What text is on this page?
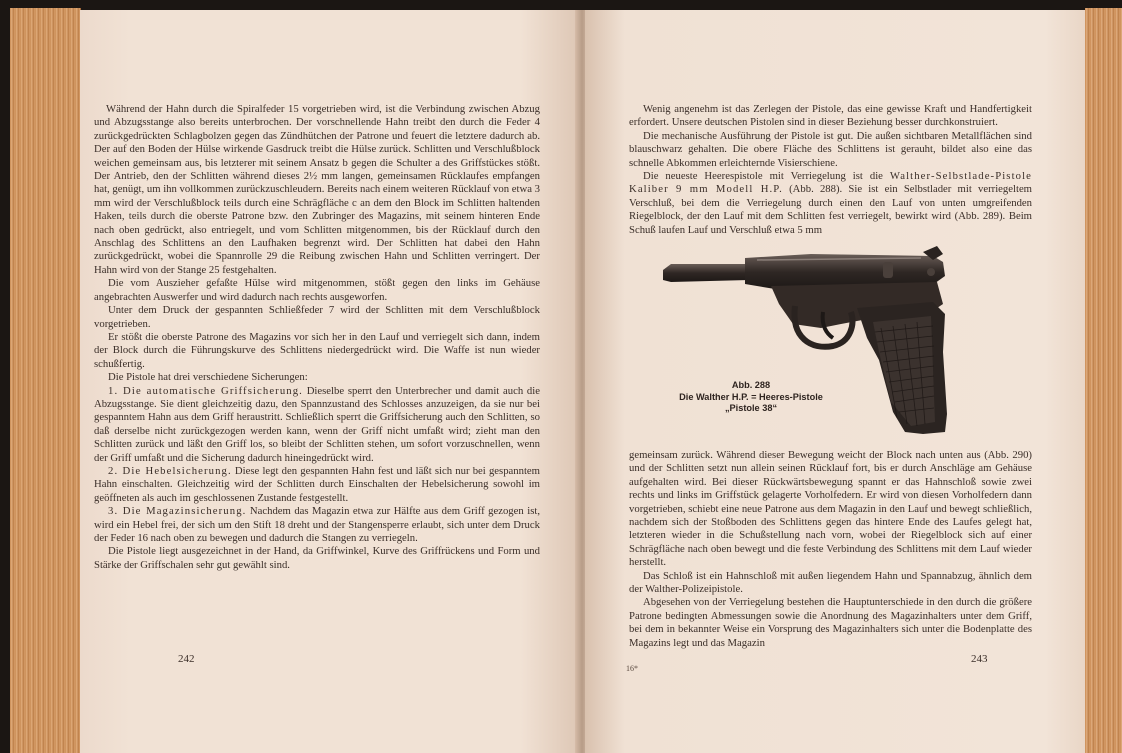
Während der Hahn durch die Spiralfeder 15 vorgetrieben wird, ist die Verbindung zwischen Abzug und Abzugsstange also bereits unterbrochen. Der vorschnellende Hahn treibt den durch die Feder 4 zurückgedrückten Schlagbolzen gegen das Zündhütchen der Patrone und feuert die letztere dadurch ab. Der auf den Boden der Hülse wirkende Gasdruck treibt die Hülse zurück. Schlitten und Verschlußblock weichen gemeinsam aus, bis letzterer mit seinem Ansatz b gegen die Schulter a des Griffstückes stößt. Der Antrieb, den der Schlitten während dieses 2½ mm langen, gemeinsamen Rücklaufes empfangen hat, genügt, um ihn vollkommen zurückzuschleudern. Bereits nach einem weiteren Rücklauf von etwa 3 mm wird der Verschlußblock teils durch eine Schrägfläche c an dem den Block im Schlitten haltenden Haken, teils durch die oberste Patrone bzw. den Zubringer des Magazins, mit seinem hinteren Ende nach oben gedrückt, also entriegelt, und vom Schlitten mitgenommen, bis der Rücklauf durch den Anschlag des Schlittens an den Laufhaken begrenzt wird. Der Schlitten hat dabei den Hahn zurückgedrückt, wobei die Spannrolle 29 die Reibung zwischen Hahn und Schlitten verringert. Der Hahn wird von der Stange 25 festgehalten.

Die vom Auszieher gefaßte Hülse wird mitgenommen, stößt gegen den links im Gehäuse angebrachten Auswerfer und wird dadurch nach rechts ausgeworfen.

Unter dem Druck der gespannten Schließfeder 7 wird der Schlitten mit dem Verschlußblock vorgetrieben.

Er stößt die oberste Patrone des Magazins vor sich her in den Lauf und verriegelt sich dann, indem der Block durch die Führungskurve des Schlittens niedergedrückt wird. Die Waffe ist nun wieder schußfertig.

Die Pistole hat drei verschiedene Sicherungen:

1. Die automatische Griffsicherung. Dieselbe sperrt den Unterbrecher und damit auch die Abzugsstange. Sie dient gleichzeitig dazu, den Spannzustand des Schlosses anzuzeigen, da sie nur bei gespanntem Hahn aus dem Griff heraustritt. Schließlich sperrt die Griffsicherung auch den Schlitten, so daß derselbe nicht zurückgezogen werden kann, wenn der Griff nicht umfaßt wird; zieht man den Schlitten zurück und läßt den Griff los, so bleibt der Schlitten stehen, um sofort vorzuschnellen, wenn der Griff umfaßt und die Sicherung dadurch hineingedrückt wird.

2. Die Hebelsicherung. Diese legt den gespannten Hahn fest und läßt sich nur bei gespanntem Hahn einschalten. Gleichzeitig wird der Schlitten durch Einschalten der Hebelsicherung sowohl im geöffneten als auch im geschlossenen Zustande festgestellt.

3. Die Magazinsicherung. Nachdem das Magazin etwa zur Hälfte aus dem Griff gezogen ist, wird ein Hebel frei, der sich um den Stift 18 dreht und der Stangensperre erlaubt, sich unter dem Druck der Feder 16 nach oben zu bewegen und dadurch die Stangen zu verriegeln.

Die Pistole liegt ausgezeichnet in der Hand, da Griffwinkel, Kurve des Griffrückens und Form und Stärke der Griffschalen sehr gut gewählt sind.

242

Wenig angenehm ist das Zerlegen der Pistole, das eine gewisse Kraft und Handfertigkeit erfordert. Unsere deutschen Pistolen sind in dieser Beziehung besser durchkonstruiert.

Die mechanische Ausführung der Pistole ist gut. Die außen sichtbaren Metallflächen sind blauschwarz gehalten. Die obere Fläche des Schlittens ist gerauht, bildet also eine das schnelle Abkommen erleichternde Visierschiene.

Die neueste Heerespistole mit Verriegelung ist die Walther-Selbstlade-Pistole Kaliber 9 mm Modell H.P. (Abb. 288). Sie ist ein Selbstlader mit verriegeltem Verschluß, bei dem die Verriegelung durch einen den Lauf von unten umgreifenden Riegelblock, der den Lauf mit dem Schlitten fest verriegelt, bewirkt wird (Abb. 289). Beim Schuß laufen Lauf und Verschluß etwa 5 mm

Abb. 288
Die Walther H.P. = Heeres-Pistole
„Pistole 38“

gemeinsam zurück. Während dieser Bewegung weicht der Block nach unten aus (Abb. 290) und der Schlitten setzt nun allein seinen Rücklauf fort, bis er durch Anschläge am Gehäuse aufgehalten wird. Bei dieser Rückwärtsbewegung spannt er das Hahnschloß sowie zwei rechts und links im Griffstück gelagerte Vorholfedern. Er wird von diesen Vorholfedern dann vorgetrieben, schiebt eine neue Patrone aus dem Magazin in den Lauf und bewegt schließlich, nachdem sich der Stoßboden des Schlittens gegen das hintere Ende des Laufes gelegt hat, letzteren wieder in die Schußstellung nach vorn, wobei der Riegelblock sich auf einer Schrägfläche nach oben bewegt und die feste Verbindung des Schlittens mit dem Lauf wieder herstellt.

Das Schloß ist ein Hahnschloß mit außen liegendem Hahn und Spannabzug, ähnlich dem der Walther-Polizeipistole.

Abgesehen von der Verriegelung bestehen die Hauptunterschiede in den durch die größere Patrone bedingten Abmessungen sowie die Anordnung des Magazinhalters unter dem Griff, bei dem in bekannter Weise ein Vorsprung des Magazinhalters sich unter die Bodenplatte des Magazins legt und das Magazin

16*
243
